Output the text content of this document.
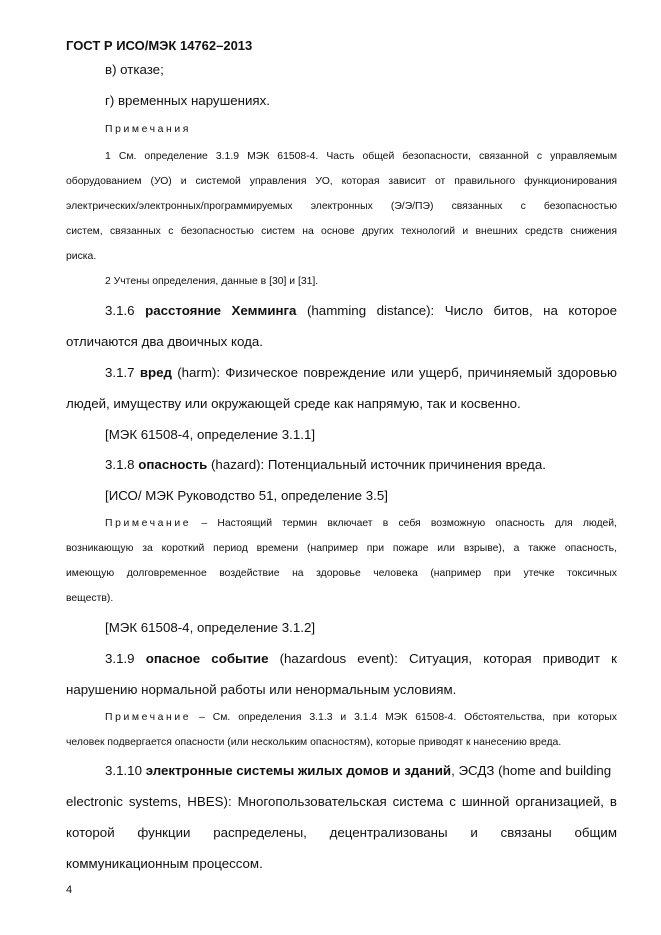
ГОСТ Р ИСО/МЭК 14762–2013
в) отказе;
г) временных нарушениях.
Примечания
1 См. определение 3.1.9 МЭК 61508-4. Часть общей безопасности, связанной с управляемым
оборудованием (УО) и системой управления УО, которая зависит от правильного функционирования
электрических/электронных/программируемых электронных (Э/Э/ПЭ) связанных с безопасностью
систем, связанных с безопасностью систем на основе других технологий и внешних средств снижения
риска.
2 Учтены определения, данные в [30] и [31].
3.1.6 расстояние Хемминга (hamming distance): Число битов, на которое
отличаются два двоичных кода.
3.1.7 вред (harm): Физическое повреждение или ущерб, причиняемый здоровью
людей, имуществу или окружающей среде как напрямую, так и косвенно.
[МЭК 61508-4, определение 3.1.1]
3.1.8 опасность (hazard): Потенциальный источник причинения вреда.
[ИСО/ МЭК Руководство 51, определение 3.5]
Примечание – Настоящий термин включает в себя возможную опасность для людей,
возникающую за короткий период времени (например при пожаре или взрыве), а также опасность,
имеющую долговременное воздействие на здоровье человека (например при утечке токсичных
веществ).
[МЭК 61508-4, определение 3.1.2]
3.1.9 опасное событие (hazardous event): Ситуация, которая приводит к
нарушению нормальной работы или ненормальным условиям.
Примечание – См. определения 3.1.3 и 3.1.4 МЭК 61508-4. Обстоятельства, при которых
человек подвергается опасности (или нескольким опасностям), которые приводят к нанесению вреда.
3.1.10 электронные системы жилых домов и зданий, ЭСДЗ (home and building
electronic systems, HBES): Многопользовательская система с шинной организацией, в
которой функции распределены, децентрализованы и связаны общим
коммуникационным процессом.
4
